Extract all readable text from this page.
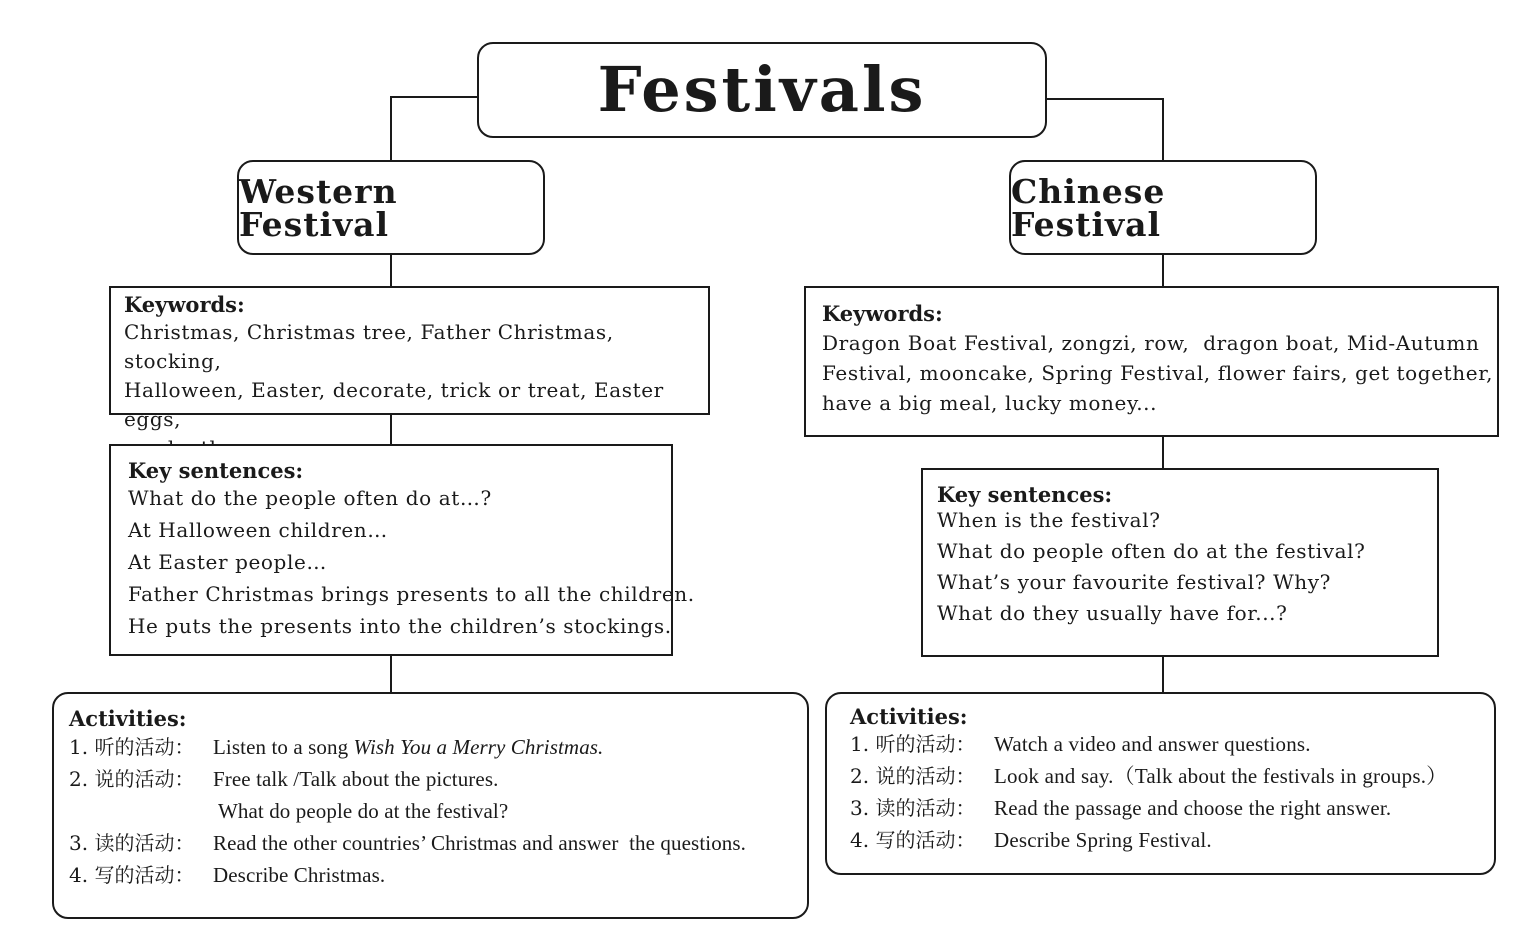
Festivals
Western Festival
Chinese Festival
Keywords:
Christmas, Christmas tree, Father Christmas, stocking,
Halloween, Easter, decorate, trick or treat, Easter eggs,
Key sentences:
What do the people often do at…?
At Halloween children…
At Easter people…
Father Christmas brings presents to all the children.
He puts the presents into the children’s stockings.
Activities:
1. 听的活动： Listen to a song Wish You a Merry Christmas.
2. 说的活动： Free talk /Talk about the pictures.
What do people do at the festival?
3. 读的活动： Read the other countries’ Christmas and answer  the questions.
4. 写的活动： Describe Christmas.
Keywords:
Dragon Boat Festival, zongzi, row,  dragon boat, Mid-Autumn
Festival, mooncake, Spring Festival, flower fairs, get together,
have a big meal, lucky money...
Key sentences:
When is the festival?
What do people often do at the festival?
What’s your favourite festival? Why?
What do they usually have for...?
Activities:
1. 听的活动： Watch a video and answer questions.
2. 说的活动： Look and say.（Talk about the festivals in groups.）
3. 读的活动： Read the passage and choose the right answer.
4. 写的活动： Describe Spring Festival.
